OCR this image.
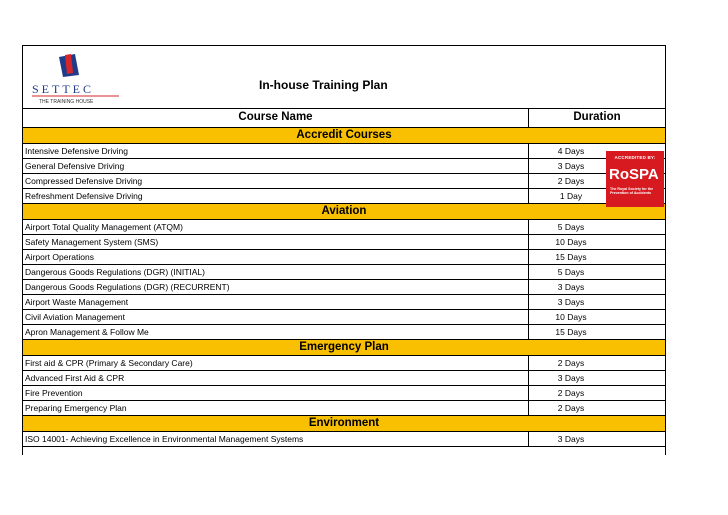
SETTEC
THE TRAINING HOUSE
In-house Training Plan
Course Name	Duration
Accredit Courses
Intensive Defensive Driving	4 Days
General Defensive Driving	3 Days
Compressed Defensive Driving	2 Days
Refreshment Defensive Driving	1 Day
Aviation
Airport Total Quality Management (ATQM)	5 Days
Safety Management System (SMS)	10 Days
Airport Operations	15 Days
Dangerous Goods Regulations (DGR) (INITIAL)	5 Days
Dangerous Goods Regulations (DGR) (RECURRENT)	3 Days
Airport Waste Management	3 Days
Civil Aviation Management	10 Days
Apron Management & Follow Me	15 Days
Emergency Plan
First aid & CPR (Primary & Secondary Care)	2 Days
Advanced First Aid & CPR	3 Days
Fire Prevention	2 Days
Preparing Emergency Plan	2 Days
Environment
ISO 14001- Achieving Excellence in Environmental Management Systems	3 Days
ACCREDITED BY:
RoSPA
The Royal Society for the Prevention of Accidents
